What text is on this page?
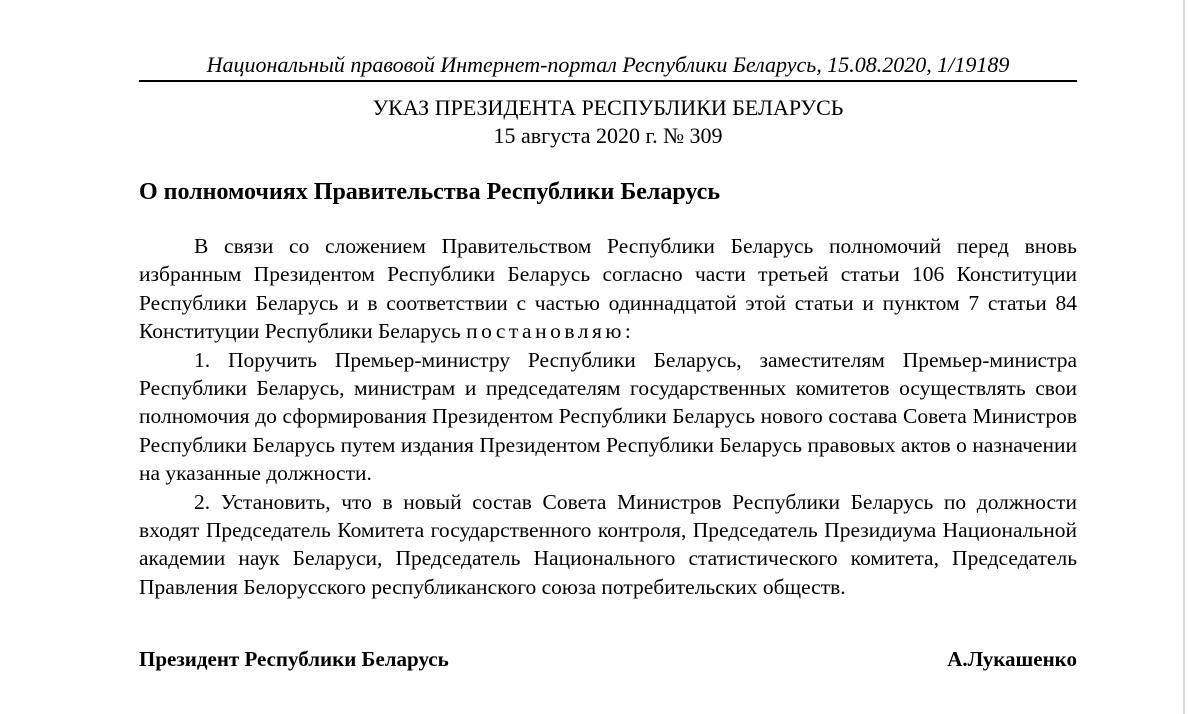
Национальный правовой Интернет-портал Республики Беларусь, 15.08.2020, 1/19189
УКАЗ ПРЕЗИДЕНТА РЕСПУБЛИКИ БЕЛАРУСЬ
15 августа 2020 г. № 309
О полномочиях Правительства Республики Беларусь

В связи со сложением Правительством Республики Беларусь полномочий перед вновь избранным Президентом Республики Беларусь согласно части третьей статьи 106 Конституции Республики Беларусь и в соответствии с частью одиннадцатой этой статьи и пунктом 7 статьи 84 Конституции Республики Беларусь постановляю:

1. Поручить Премьер-министру Республики Беларусь, заместителям Премьер-министра Республики Беларусь, министрам и председателям государственных комитетов осуществлять свои полномочия до сформирования Президентом Республики Беларусь нового состава Совета Министров Республики Беларусь путем издания Президентом Республики Беларусь правовых актов о назначении на указанные должности.

2. Установить, что в новый состав Совета Министров Республики Беларусь по должности входят Председатель Комитета государственного контроля, Председатель Президиума Национальной академии наук Беларуси, Председатель Национального статистического комитета, Председатель Правления Белорусского республиканского союза потребительских обществ.

Президент Республики Беларусь	А.Лукашенко
